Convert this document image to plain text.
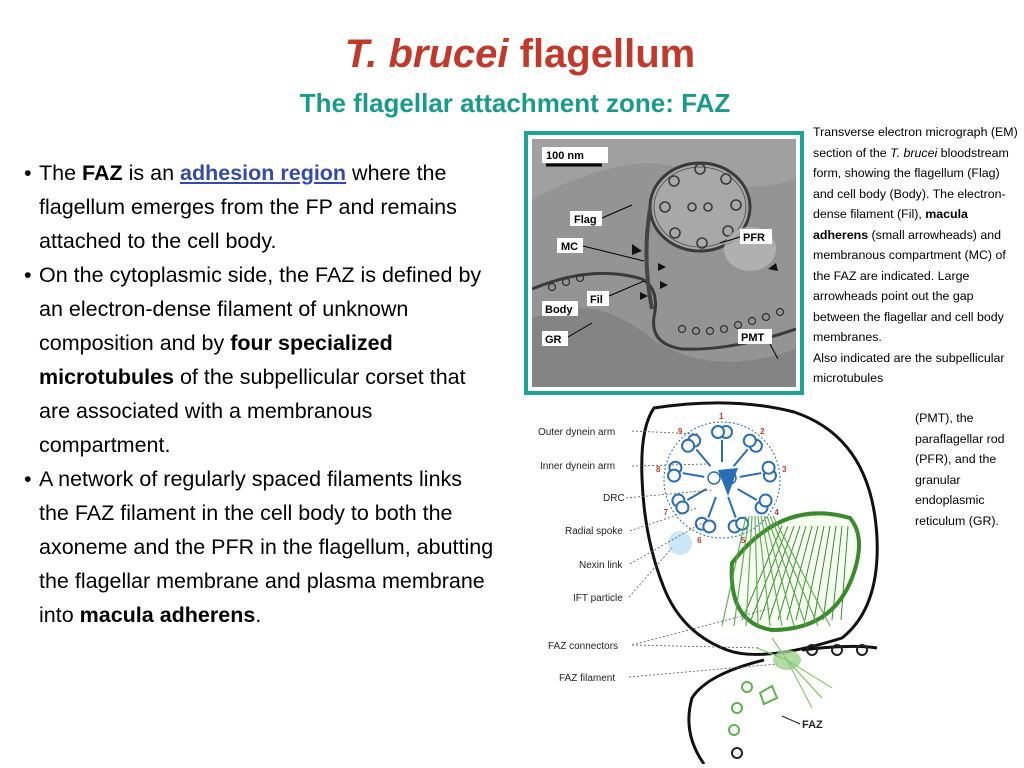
T. brucei flagellum
The flagellar attachment zone: FAZ

• The FAZ is an adhesion region where the flagellum emerges from the FP and remains attached to the cell body.

• On the cytoplasmic side, the FAZ is defined by an electron-dense filament of unknown composition and by four specialized microtubules of the subpellicular corset that are associated with a membranous compartment.

• A network of regularly spaced filaments links the FAZ filament in the cell body to both the axoneme and the PFR in the flagellum, abutting the flagellar membrane and plasma membrane into macula adherens.

100 nm
Flag
MC
Fil
Body
GR
PFR
PMT

Transverse electron micrograph (EM) section of the T. brucei bloodstream form, showing the flagellum (Flag) and cell body (Body). The electron-dense filament (Fil), macula adherens (small arrowheads) and membranous compartment (MC) of the FAZ are indicated. Large arrowheads point out the gap between the flagellar and cell body membranes.

Also indicated are the subpellicular microtubules

(PMT), the paraflagellar rod (PFR), and the granular endoplasmic reticulum (GR).
Outer dynein arm
Inner dynein arm
DRC
Radial spoke
Nexin link
IFT particle
FAZ connectors
FAZ filament
FAZ
1
2
3
4
5
6
7
8
9
